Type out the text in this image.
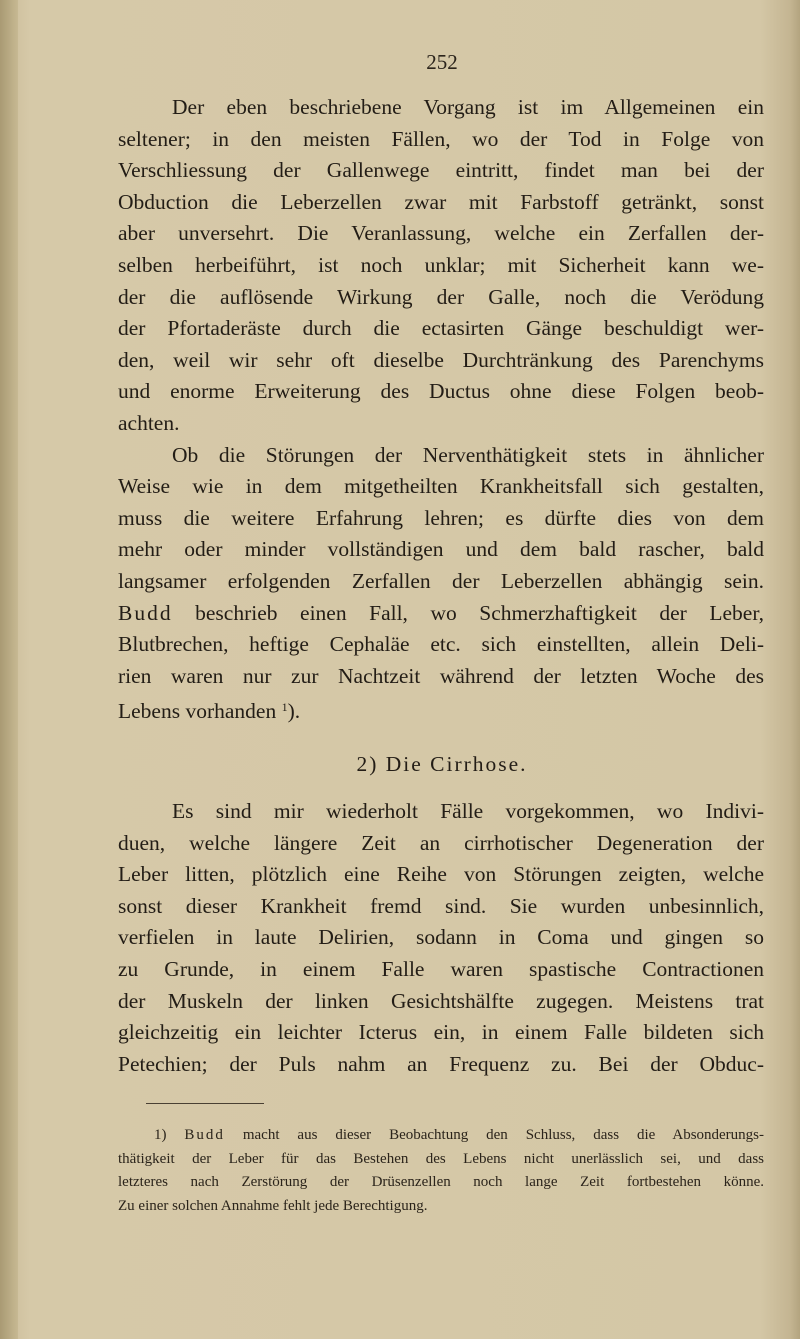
252
Der eben beschriebene Vorgang ist im Allgemeinen ein
seltener; in den meisten Fällen, wo der Tod in Folge von
Verschliessung der Gallenwege eintritt, findet man bei der
Obduction die Leberzellen zwar mit Farbstoff getränkt, sonst
aber unversehrt. Die Veranlassung, welche ein Zerfallen der-
selben herbeiführt, ist noch unklar; mit Sicherheit kann we-
der die auflösende Wirkung der Galle, noch die Verödung
der Pfortaderäste durch die ectasirten Gänge beschuldigt wer-
den, weil wir sehr oft dieselbe Durchtränkung des Parenchyms
und enorme Erweiterung des Ductus ohne diese Folgen beob-
achten.
Ob die Störungen der Nerventhätigkeit stets in ähnlicher
Weise wie in dem mitgetheilten Krankheitsfall sich gestalten,
muss die weitere Erfahrung lehren; es dürfte dies von dem
mehr oder minder vollständigen und dem bald rascher, bald
langsamer erfolgenden Zerfallen der Leberzellen abhängig sein.
Budd beschrieb einen Fall, wo Schmerzhaftigkeit der Leber,
Blutbrechen, heftige Cephaläe etc. sich einstellten, allein Deli-
rien waren nur zur Nachtzeit während der letzten Woche des
Lebens vorhanden $^1$).
2) Die Cirrhose.
Es sind mir wiederholt Fälle vorgekommen, wo Indivi-
duen, welche längere Zeit an cirrhotischer Degeneration der
Leber litten, plötzlich eine Reihe von Störungen zeigten, welche
sonst dieser Krankheit fremd sind. Sie wurden unbesinnlich,
verfielen in laute Delirien, sodann in Coma und gingen so
zu Grunde, in einem Falle waren spastische Contractionen
der Muskeln der linken Gesichtshälfte zugegen. Meistens trat
gleichzeitig ein leichter Icterus ein, in einem Falle bildeten sich
Petechien; der Puls nahm an Frequenz zu. Bei der Obduc-
1) Budd macht aus dieser Beobachtung den Schluss, dass die Absonderungs-
thätigkeit der Leber für das Bestehen des Lebens nicht unerlässlich sei, und dass
letzteres nach Zerstörung der Drüsenzellen noch lange Zeit fortbestehen könne.
Zu einer solchen Annahme fehlt jede Berechtigung.
